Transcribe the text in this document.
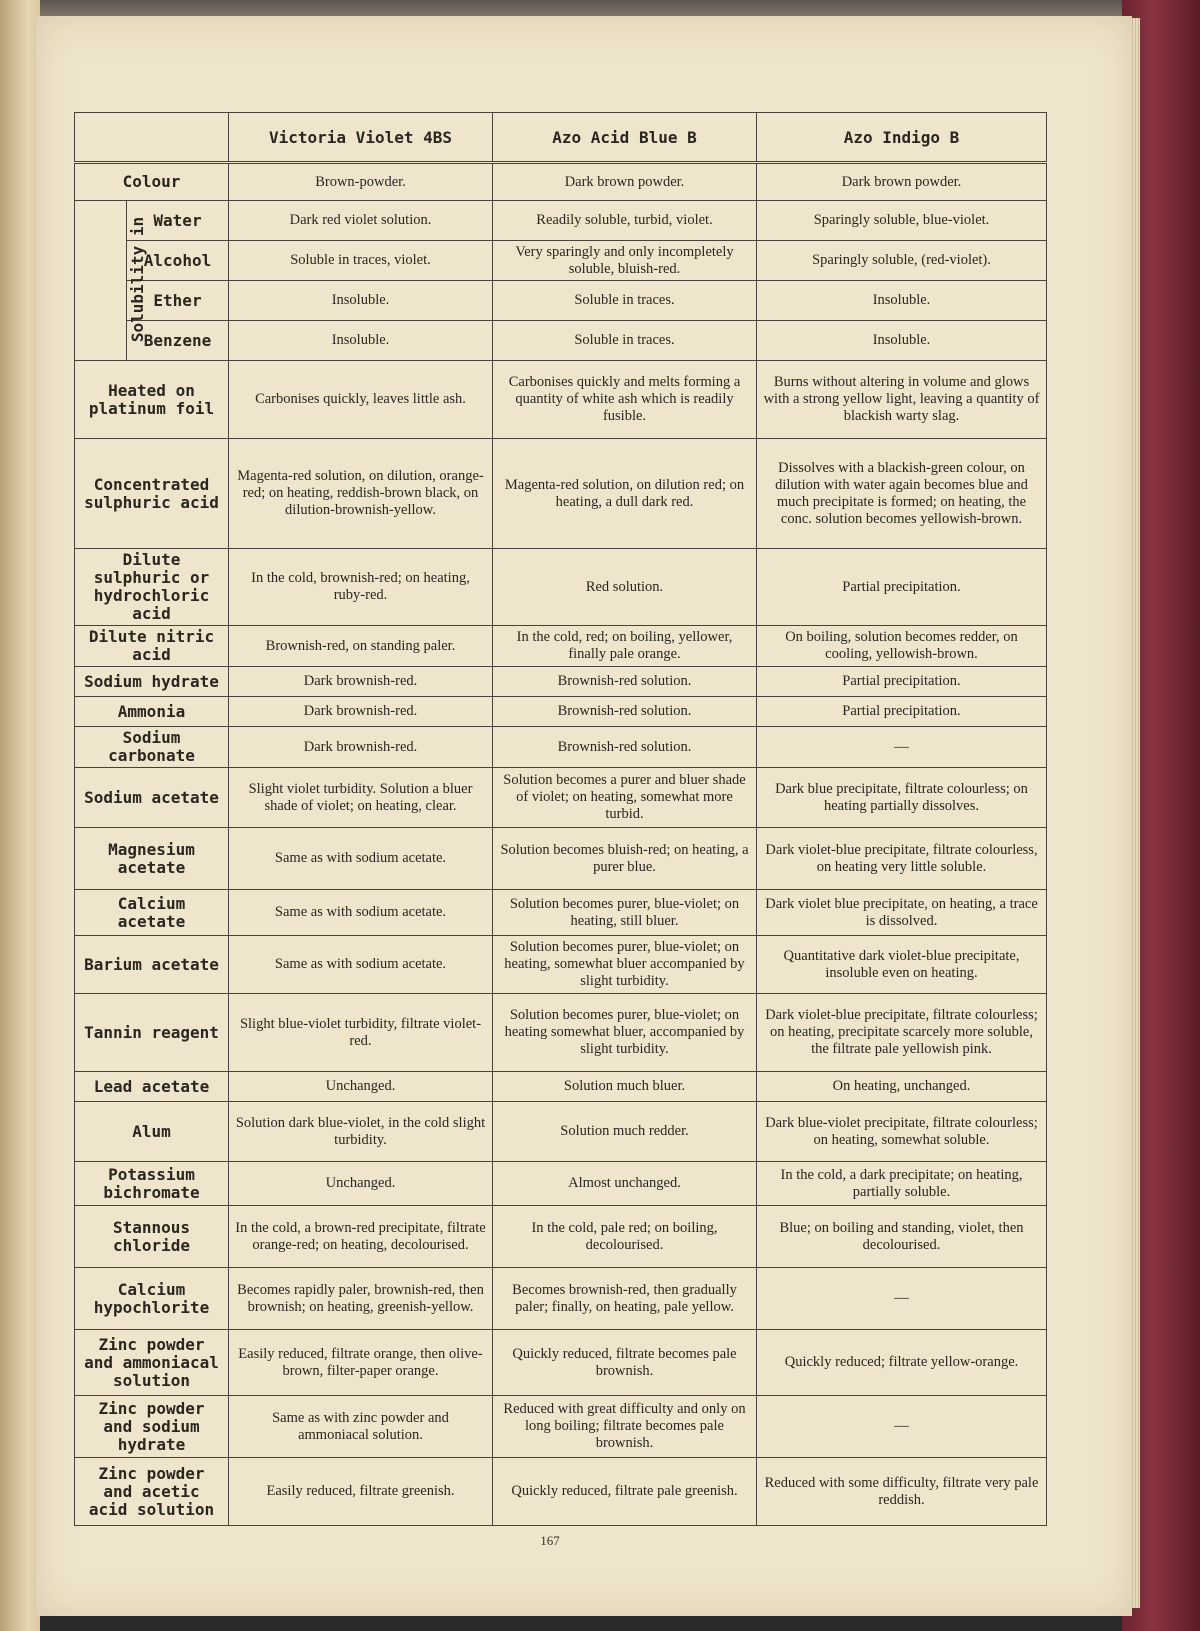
		Victoria Violet 4BS	Azo Acid Blue B	Azo Indigo B
Colour		Brown-powder.	Dark brown powder.	Dark brown powder.
Solubility in	Water	Dark red violet solution.	Readily soluble, turbid, violet.	Sparingly soluble, blue-violet.
	Alcohol	Soluble in traces, violet.	Very sparingly and only incompletely soluble, bluish-red.	Sparingly soluble, (red-violet).
	Ether	Insoluble.	Soluble in traces.	Insoluble.
	Benzene	Insoluble.	Soluble in traces.	Insoluble.
Heated on platinum foil		Carbonises quickly, leaves little ash.	Carbonises quickly and melts forming a quantity of white ash which is readily fusible.	Burns without altering in volume and glows with a strong yellow light, leaving a quantity of blackish warty slag.
Concentrated sulphuric acid		Magenta-red solution, on dilution, orange-red; on heating, reddish-brown black, on dilution-brownish-yellow.	Magenta-red solution, on dilution red; on heating, a dull dark red.	Dissolves with a blackish-green colour, on dilution with water again becomes blue and much precipitate is formed; on heating, the conc. solution becomes yellowish-brown.
Dilute sulphuric or hydrochloric acid		In the cold, brownish-red; on heating, ruby-red.	Red solution.	Partial precipitation.
Dilute nitric acid		Brownish-red, on standing paler.	In the cold, red; on boiling, yellower, finally pale orange.	On boiling, solution becomes redder, on cooling, yellowish-brown.
Sodium hydrate		Dark brownish-red.	Brownish-red solution.	Partial precipitation.
Ammonia		Dark brownish-red.	Brownish-red solution.	Partial precipitation.
Sodium carbonate		Dark brownish-red.	Brownish-red solution.	—
Sodium acetate		Slight violet turbidity. Solution a bluer shade of violet; on heating, clear.	Solution becomes a purer and bluer shade of violet; on heating, somewhat more turbid.	Dark blue precipitate, filtrate colourless; on heating partially dissolves.
Magnesium acetate		Same as with sodium acetate.	Solution becomes bluish-red; on heating, a purer blue.	Dark violet-blue precipitate, filtrate colourless, on heating very little soluble.
Calcium acetate		Same as with sodium acetate.	Solution becomes purer, blue-violet; on heating, still bluer.	Dark violet blue precipitate, on heating, a trace is dissolved.
Barium acetate		Same as with sodium acetate.	Solution becomes purer, blue-violet; on heating, somewhat bluer accompanied by slight turbidity.	Quantitative dark violet-blue precipitate, insoluble even on heating.
Tannin reagent		Slight blue-violet turbidity, filtrate violet-red.	Solution becomes purer, blue-violet; on heating somewhat bluer, accompanied by slight turbidity.	Dark violet-blue precipitate, filtrate colourless; on heating, precipitate scarcely more soluble, the filtrate pale yellowish pink.
Lead acetate		Unchanged.	Solution much bluer.	On heating, unchanged.
Alum		Solution dark blue-violet, in the cold slight turbidity.	Solution much redder.	Dark blue-violet precipitate, filtrate colourless; on heating, somewhat soluble.
Potassium bichromate		Unchanged.	Almost unchanged.	In the cold, a dark precipitate; on heating, partially soluble.
Stannous chloride		In the cold, a brown-red precipitate, filtrate orange-red; on heating, decolourised.	In the cold, pale red; on boiling, decolourised.	Blue; on boiling and standing, violet, then decolourised.
Calcium hypochlorite		Becomes rapidly paler, brownish-red, then brownish; on heating, greenish-yellow.	Becomes brownish-red, then gradually paler; finally, on heating, pale yellow.	—
Zinc powder and ammoniacal solution		Easily reduced, filtrate orange, then olive-brown, filter-paper orange.	Quickly reduced, filtrate becomes pale brownish.	Quickly reduced; filtrate yellow-orange.
Zinc powder and sodium hydrate		Same as with zinc powder and ammoniacal solution.	Reduced with great difficulty and only on long boiling; filtrate becomes pale brownish.	—
Zinc powder and acetic acid solution		Easily reduced, filtrate greenish.	Quickly reduced, filtrate pale greenish.	Reduced with some difficulty, filtrate very pale reddish.
167
